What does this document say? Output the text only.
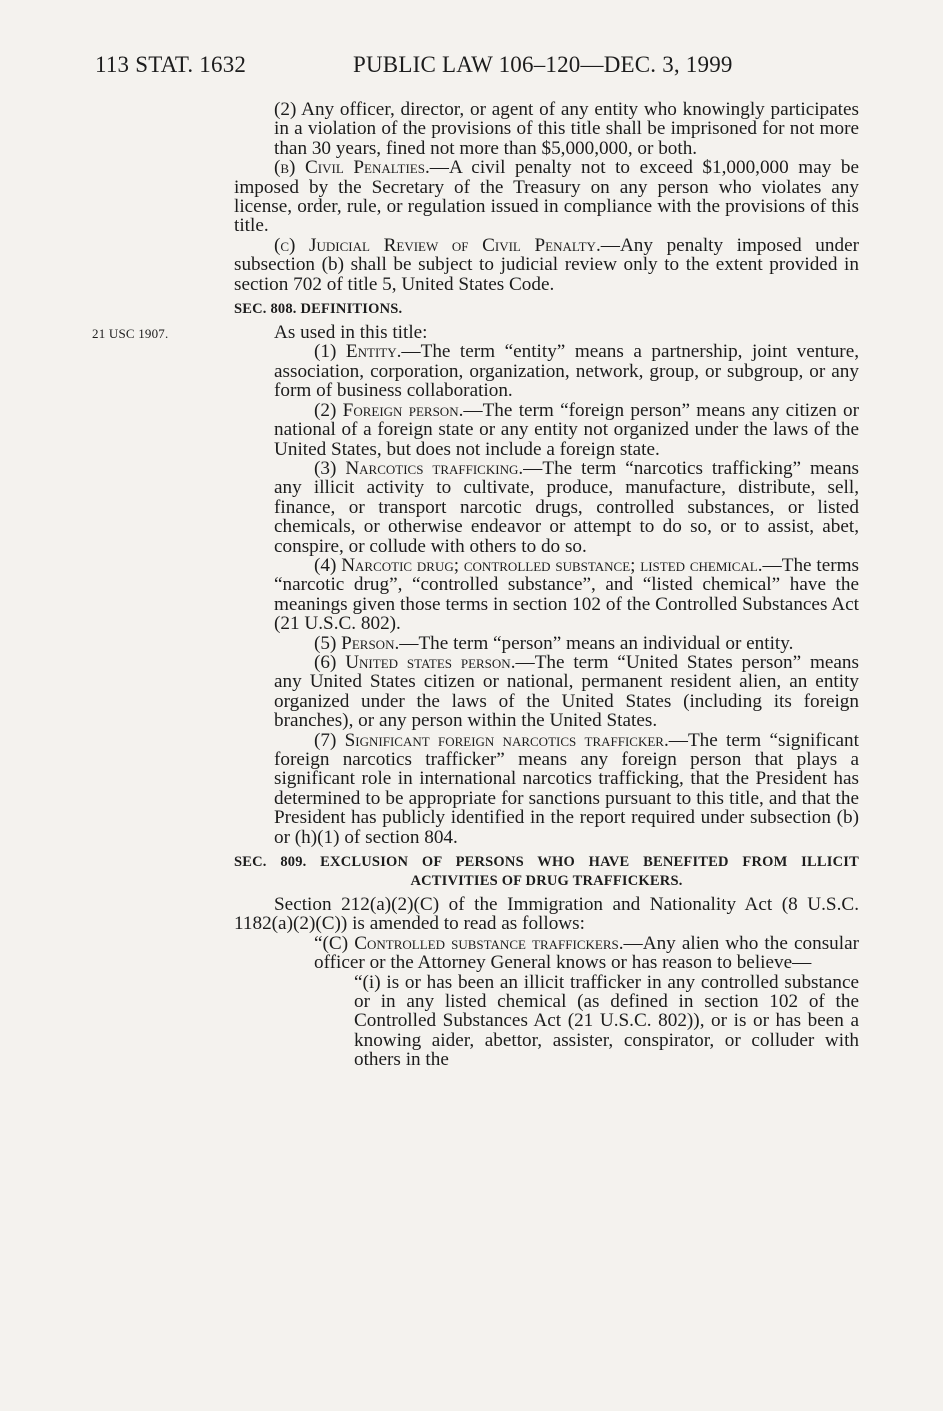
113 STAT. 1632	PUBLIC LAW 106–120—DEC. 3, 1999
21 USC 1907.

(2) Any officer, director, or agent of any entity who knowingly participates in a violation of the provisions of this title shall be imprisoned for not more than 30 years, fined not more than $5,000,000, or both.

(b) Civil Penalties.—A civil penalty not to exceed $1,000,000 may be imposed by the Secretary of the Treasury on any person who violates any license, order, rule, or regulation issued in compliance with the provisions of this title.

(c) Judicial Review of Civil Penalty.—Any penalty imposed under subsection (b) shall be subject to judicial review only to the extent provided in section 702 of title 5, United States Code.

SEC. 808. DEFINITIONS.

As used in this title:

(1) Entity.—The term “entity” means a partnership, joint venture, association, corporation, organization, network, group, or subgroup, or any form of business collaboration.

(2) Foreign person.—The term “foreign person” means any citizen or national of a foreign state or any entity not organized under the laws of the United States, but does not include a foreign state.

(3) Narcotics trafficking.—The term “narcotics trafficking” means any illicit activity to cultivate, produce, manufacture, distribute, sell, finance, or transport narcotic drugs, controlled substances, or listed chemicals, or otherwise endeavor or attempt to do so, or to assist, abet, conspire, or collude with others to do so.

(4) Narcotic drug; controlled substance; listed chemical.—The terms “narcotic drug”, “controlled substance”, and “listed chemical” have the meanings given those terms in section 102 of the Controlled Substances Act (21 U.S.C. 802).

(5) Person.—The term “person” means an individual or entity.

(6) United states person.—The term “United States person” means any United States citizen or national, permanent resident alien, an entity organized under the laws of the United States (including its foreign branches), or any person within the United States.

(7) Significant foreign narcotics trafficker.—The term “significant foreign narcotics trafficker” means any foreign person that plays a significant role in international narcotics trafficking, that the President has determined to be appropriate for sanctions pursuant to this title, and that the President has publicly identified in the report required under subsection (b) or (h)(1) of section 804.

SEC. 809. EXCLUSION OF PERSONS WHO HAVE BENEFITED FROM ILLICIT ACTIVITIES OF DRUG TRAFFICKERS.

Section 212(a)(2)(C) of the Immigration and Nationality Act (8 U.S.C. 1182(a)(2)(C)) is amended to read as follows:

“(C) Controlled substance traffickers.—Any alien who the consular officer or the Attorney General knows or has reason to believe—

“(i) is or has been an illicit trafficker in any controlled substance or in any listed chemical (as defined in section 102 of the Controlled Substances Act (21 U.S.C. 802)), or is or has been a knowing aider, abettor, assister, conspirator, or colluder with others in the
